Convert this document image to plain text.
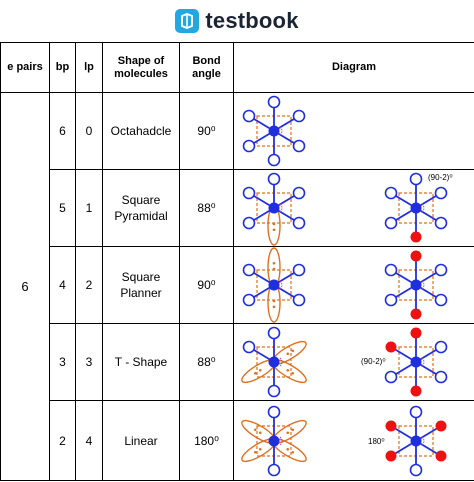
testbook
e pairs	bp	lp	Shape of molecules	Bond angle	Diagram
6	6	0	Octahadcle	90⁰	

	5	1	Square Pyramidal	88⁰	(90-2)⁰

	4	2	Square Planner	90⁰	

	3	3	T - Shape	88⁰	(90-2)⁰

	2	4	Linear	180⁰	180⁰
